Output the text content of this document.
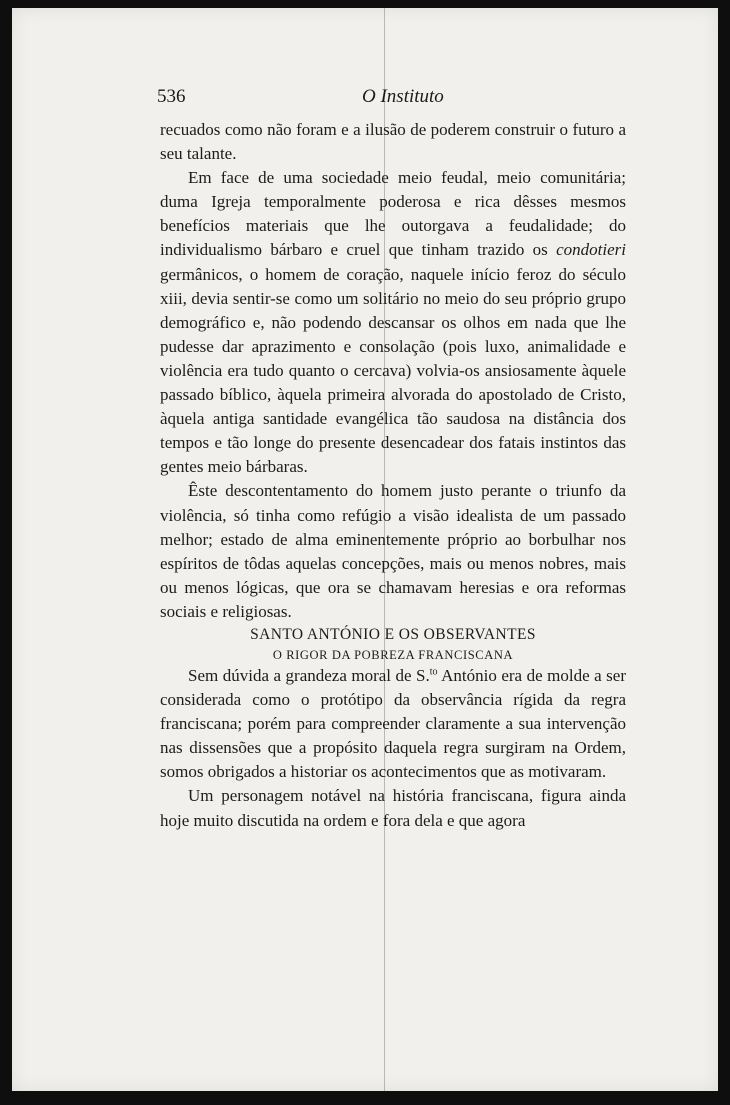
536	O Instituto

recuados como não foram e a ilusão de poderem construir o futuro a seu talante.

Em face de uma sociedade meio feudal, meio comunitária; duma Igreja temporalmente poderosa e rica dêsses mesmos benefícios materiais que lhe outorgava a feudalidade; do individualismo bárbaro e cruel que tinham trazido os condotieri germânicos, o homem de coração, naquele início feroz do século xiii, devia sentir-se como um solitário no meio do seu próprio grupo demográfico e, não podendo descansar os olhos em nada que lhe pudesse dar aprazimento e consolação (pois luxo, animalidade e violência era tudo quanto o cercava) volvia-os ansiosamente àquele passado bíblico, àquela primeira alvorada do apostolado de Cristo, àquela antiga santidade evangélica tão saudosa na distância dos tempos e tão longe do presente desencadear dos fatais instintos das gentes meio bárbaras.

Êste descontentamento do homem justo perante o triunfo da violência, só tinha como refúgio a visão idealista de um passado melhor; estado de alma eminentemente próprio ao borbulhar nos espíritos de tôdas aquelas concepções, mais ou menos nobres, mais ou menos lógicas, que ora se chamavam heresias e ora reformas sociais e religiosas.

SANTO ANTÓNIO E OS OBSERVANTES

O RIGOR DA POBREZA FRANCISCANA

Sem dúvida a grandeza moral de S.$^{to}$ António era de molde a ser considerada como o protótipo da observância rígida da regra franciscana; porém para compreender claramente a sua intervenção nas dissensões que a propósito daquela regra surgiram na Ordem, somos obrigados a historiar os acontecimentos que as motivaram.

Um personagem notável na história franciscana, figura ainda hoje muito discutida na ordem e fora dela e que agora
